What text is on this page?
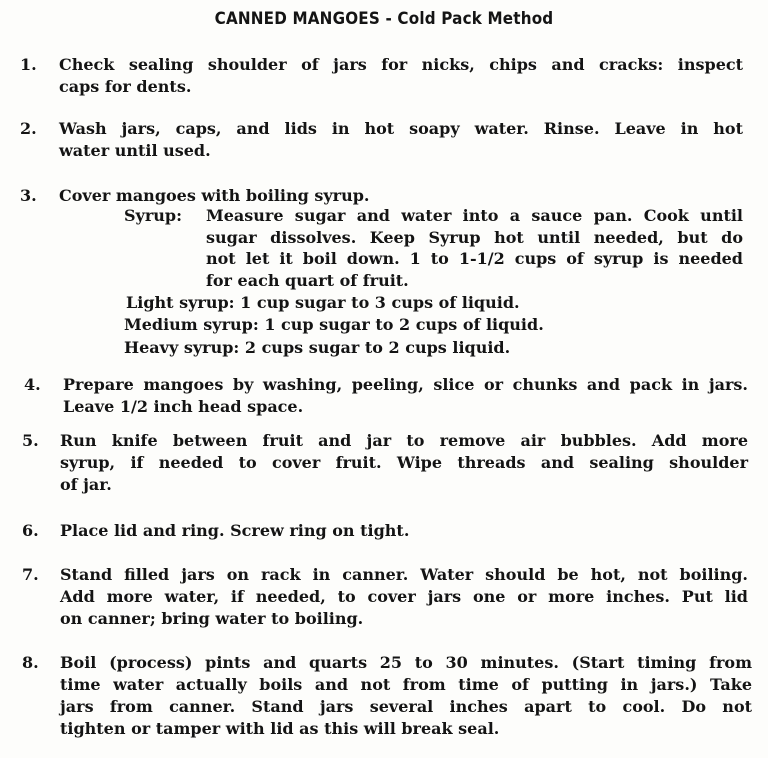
CANNED MANGOES - Cold Pack Method
1. Check sealing shoulder of jars for nicks, chips and cracks: inspect
caps for dents.
2. Wash jars, caps, and lids in hot soapy water. Rinse. Leave in hot
water until used.
3. Cover mangoes with boiling syrup.
Syrup: Measure sugar and water into a sauce pan. Cook until
sugar dissolves. Keep Syrup hot until needed, but do
not let it boil down. 1 to 1-1/2 cups of syrup is needed
for each quart of fruit.
Light syrup: 1 cup sugar to 3 cups of liquid.
Medium syrup: 1 cup sugar to 2 cups of liquid.
Heavy syrup: 2 cups sugar to 2 cups liquid.
4. Prepare mangoes by washing, peeling, slice or chunks and pack in jars.
Leave 1/2 inch head space.
5. Run knife between fruit and jar to remove air bubbles. Add more
syrup, if needed to cover fruit. Wipe threads and sealing shoulder
of jar.
6. Place lid and ring. Screw ring on tight.
7. Stand filled jars on rack in canner. Water should be hot, not boiling.
Add more water, if needed, to cover jars one or more inches. Put lid
on canner; bring water to boiling.
8. Boil (process) pints and quarts 25 to 30 minutes. (Start timing from
time water actually boils and not from time of putting in jars.) Take
jars from canner. Stand jars several inches apart to cool. Do not
tighten or tamper with lid as this will break seal.
